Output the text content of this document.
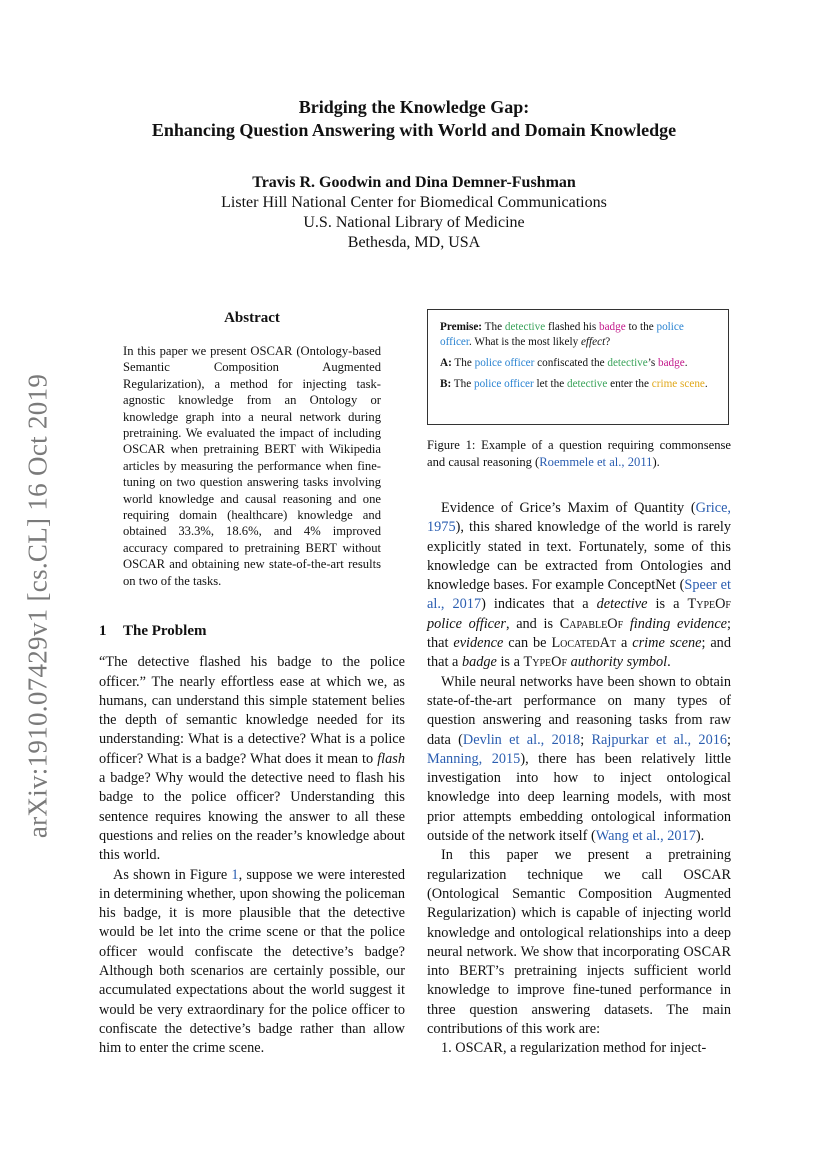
arXiv:1910.07429v1 [cs.CL] 16 Oct 2019
Bridging the Knowledge Gap:
Enhancing Question Answering with World and Domain Knowledge
Travis R. Goodwin and Dina Demner-Fushman
Lister Hill National Center for Biomedical Communications
U.S. National Library of Medicine
Bethesda, MD, USA
Abstract
In this paper we present OSCAR (Ontology-based Semantic Composition Augmented Regularization), a method for injecting task-agnostic knowledge from an Ontology or knowledge graph into a neural network during pretraining. We evaluated the impact of including OSCAR when pretraining BERT with Wikipedia articles by measuring the performance when fine-tuning on two question answering tasks involving world knowledge and causal reasoning and one requiring domain (healthcare) knowledge and obtained 33.3%, 18.6%, and 4% improved accuracy compared to pretraining BERT without OSCAR and obtaining new state-of-the-art results on two of the tasks.
1 The Problem

“The detective flashed his badge to the police officer.” The nearly effortless ease at which we, as humans, can understand this simple statement belies the depth of semantic knowledge needed for its understanding: What is a detective? What is a police officer? What is a badge? What does it mean to flash a badge? Why would the detective need to flash his badge to the police officer? Understanding this sentence requires knowing the answer to all these questions and relies on the reader’s knowledge about this world.

As shown in Figure 1, suppose we were interested in determining whether, upon showing the policeman his badge, it is more plausible that the detective would be let into the crime scene or that the police officer would confiscate the detective’s badge? Although both scenarios are certainly possible, our accumulated expectations about the world suggest it would be very extraordinary for the police officer to confiscate the detective’s badge rather than allow him to enter the crime scene.

Premise: The detective flashed his badge to the police officer. What is the most likely effect?

A: The police officer confiscated the detective’s badge.

B: The police officer let the detective enter the crime scene.

Figure 1: Example of a question requiring commonsense and causal reasoning (Roemmele et al., 2011).

Evidence of Grice’s Maxim of Quantity (Grice, 1975), this shared knowledge of the world is rarely explicitly stated in text. Fortunately, some of this knowledge can be extracted from Ontologies and knowledge bases. For example ConceptNet (Speer et al., 2017) indicates that a detective is a TypeOf police officer, and is CapableOf finding evidence; that evidence can be LocatedAt a crime scene; and that a badge is a TypeOf authority symbol.

While neural networks have been shown to obtain state-of-the-art performance on many types of question answering and reasoning tasks from raw data (Devlin et al., 2018; Rajpurkar et al., 2016; Manning, 2015), there has been relatively little investigation into how to inject ontological knowledge into deep learning models, with most prior attempts embedding ontological information outside of the network itself (Wang et al., 2017).

In this paper we present a pretraining regularization technique we call OSCAR (Ontological Semantic Composition Augmented Regularization) which is capable of injecting world knowledge and ontological relationships into a deep neural network. We show that incorporating OSCAR into BERT’s pretraining injects sufficient world knowledge to improve fine-tuned performance in three question answering datasets. The main contributions of this work are:

1. OSCAR, a regularization method for inject-
